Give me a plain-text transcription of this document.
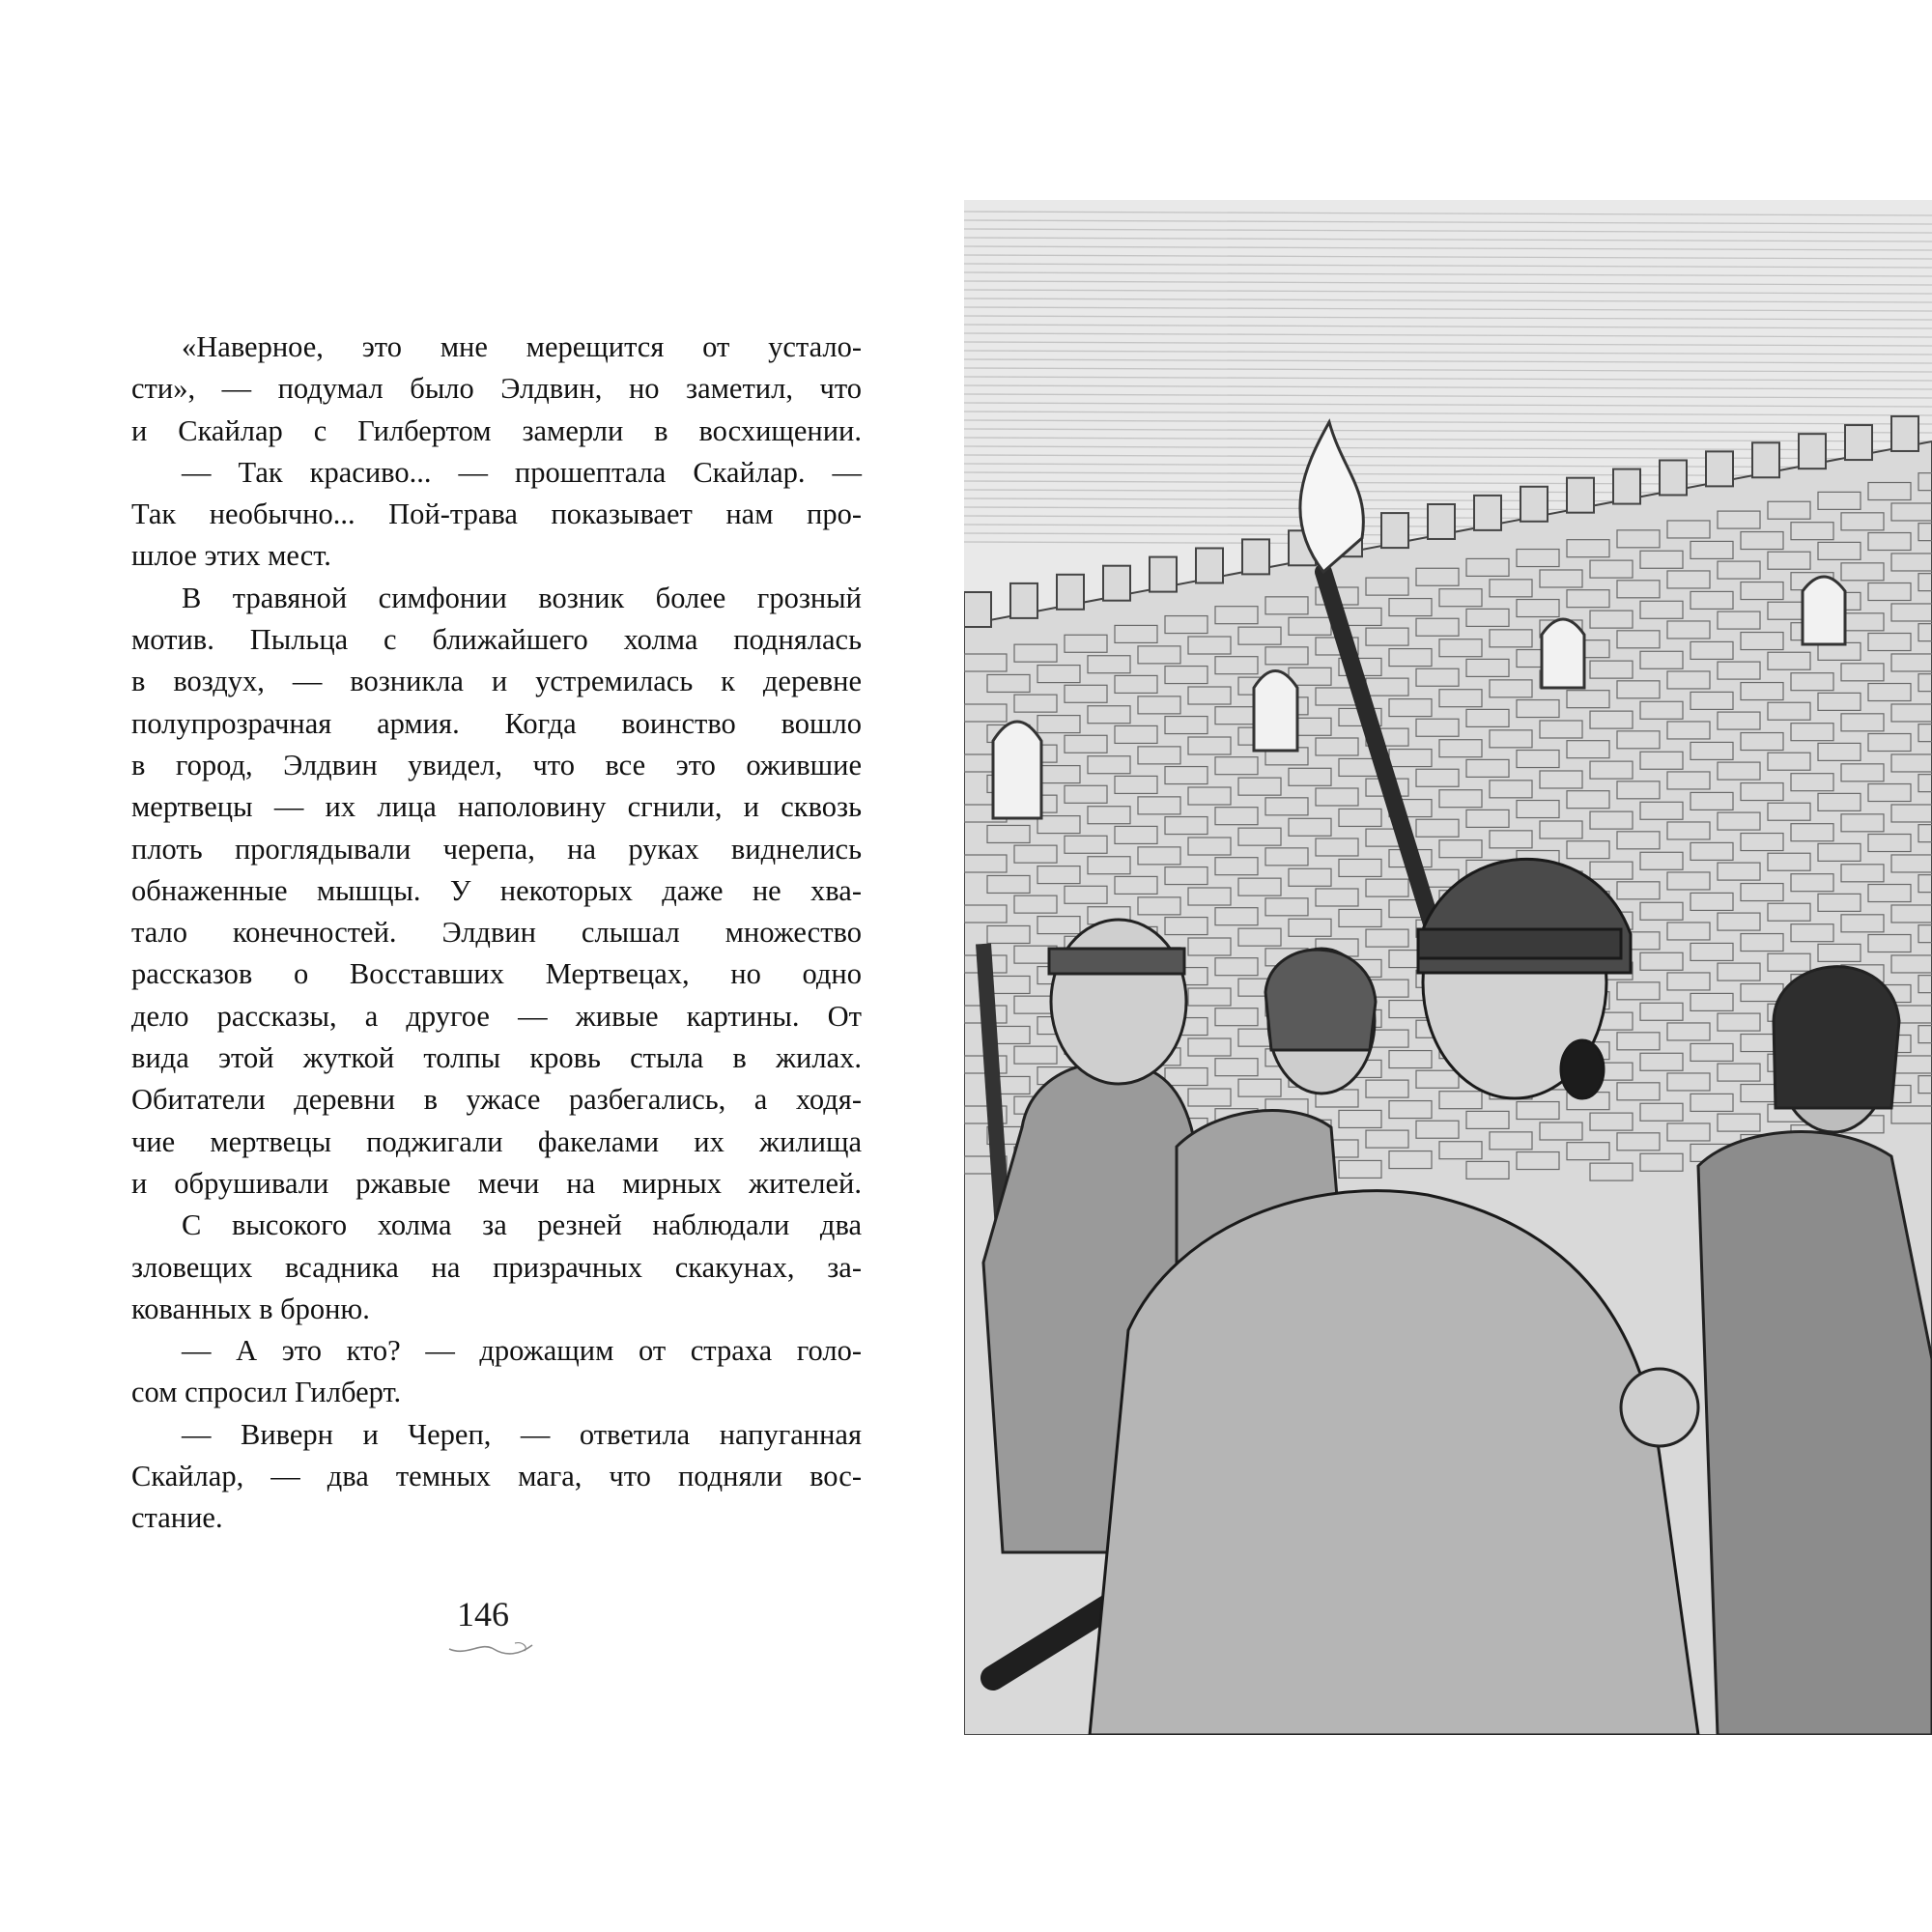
«Наверное, это мне мерещится от устало-
сти», — подумал было Элдвин, но заметил, что
и Скайлар с Гилбертом замерли в восхищении.
— Так красиво... — прошептала Скайлар. —
Так необычно... Пой-трава показывает нам про-
шлое этих мест.
В травяной симфонии возник более грозный
мотив. Пыльца с ближайшего холма поднялась
в воздух, — возникла и устремилась к деревне
полупрозрачная армия. Когда воинство вошло
в город, Элдвин увидел, что все это ожившие
мертвецы — их лица наполовину сгнили, и сквозь
плоть проглядывали черепа, на руках виднелись
обнаженные мышцы. У некоторых даже не хва-
тало конечностей. Элдвин слышал множество
рассказов о Восставших Мертвецах, но одно
дело рассказы, а другое — живые картины. От
вида этой жуткой толпы кровь стыла в жилах.
Обитатели деревни в ужасе разбегались, а ходя-
чие мертвецы поджигали факелами их жилища
и обрушивали ржавые мечи на мирных жителей.
С высокого холма за резней наблюдали два
зловещих всадника на призрачных скакунах, за-
кованных в броню.
— А это кто? — дрожащим от страха голо-
сом спросил Гилберт.
— Виверн и Череп, — ответила напуганная
Скайлар, — два темных мага, что подняли вос-
стание.
146
